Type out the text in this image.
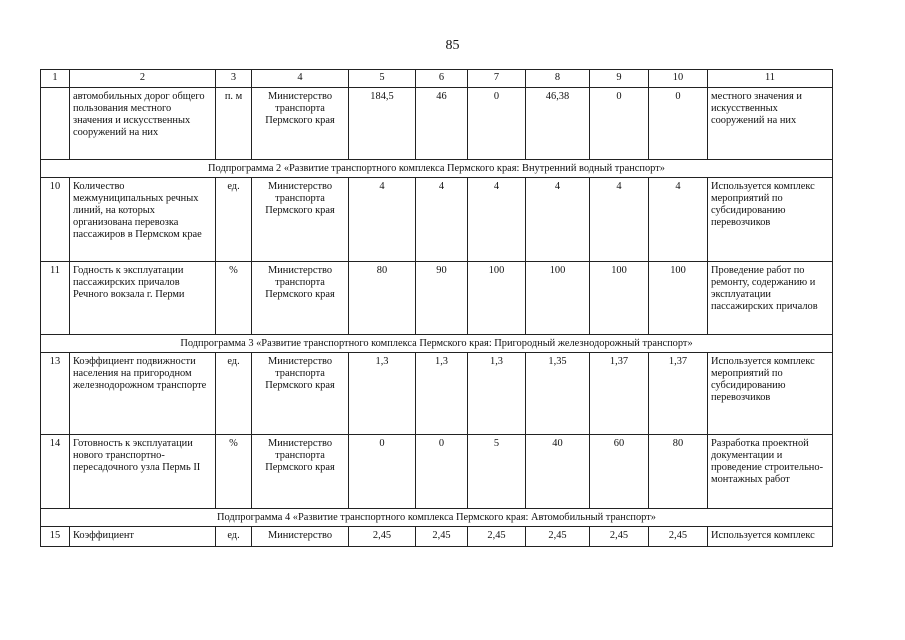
85
1	2	3	4	5	6	7	8	9	10	11
	автомобильных дорог общего пользования местного значения и искусственных сооружений на них	п. м	Министерство транспорта Пермского края	184,5	46	0	46,38	0	0	местного значения и искусственных сооружений на них
Подпрограмма 2 «Развитие транспортного комплекса Пермского края: Внутренний водный транспорт»										
10	Количество межмуниципальных речных линий, на которых организована перевозка пассажиров в Пермском крае	ед.	Министерство транспорта Пермского края	4	4	4	4	4	4	Используется комплекс мероприятий по субсидированию перевозчиков
11	Годность к эксплуатации пассажирских причалов Речного вокзала г. Перми	%	Министерство транспорта Пермского края	80	90	100	100	100	100	Проведение работ по ремонту, содержанию и эксплуатации пассажирских причалов
Подпрограмма 3 «Развитие транспортного комплекса Пермского края: Пригородный железнодорожный транспорт»										
13	Коэффициент подвижности населения на пригородном железнодорожном транспорте	ед.	Министерство транспорта Пермского края	1,3	1,3	1,3	1,35	1,37	1,37	Используется комплекс мероприятий по субсидированию перевозчиков
14	Готовность к эксплуатации нового транспортно-пересадочного узла Пермь II	%	Министерство транспорта Пермского края	0	0	5	40	60	80	Разработка проектной документации и проведение строительно-монтажных работ
Подпрограмма 4 «Развитие транспортного комплекса Пермского края: Автомобильный транспорт»										
15	Коэффициент	ед.	Министерство	2,45	2,45	2,45	2,45	2,45	2,45	Используется комплекс
